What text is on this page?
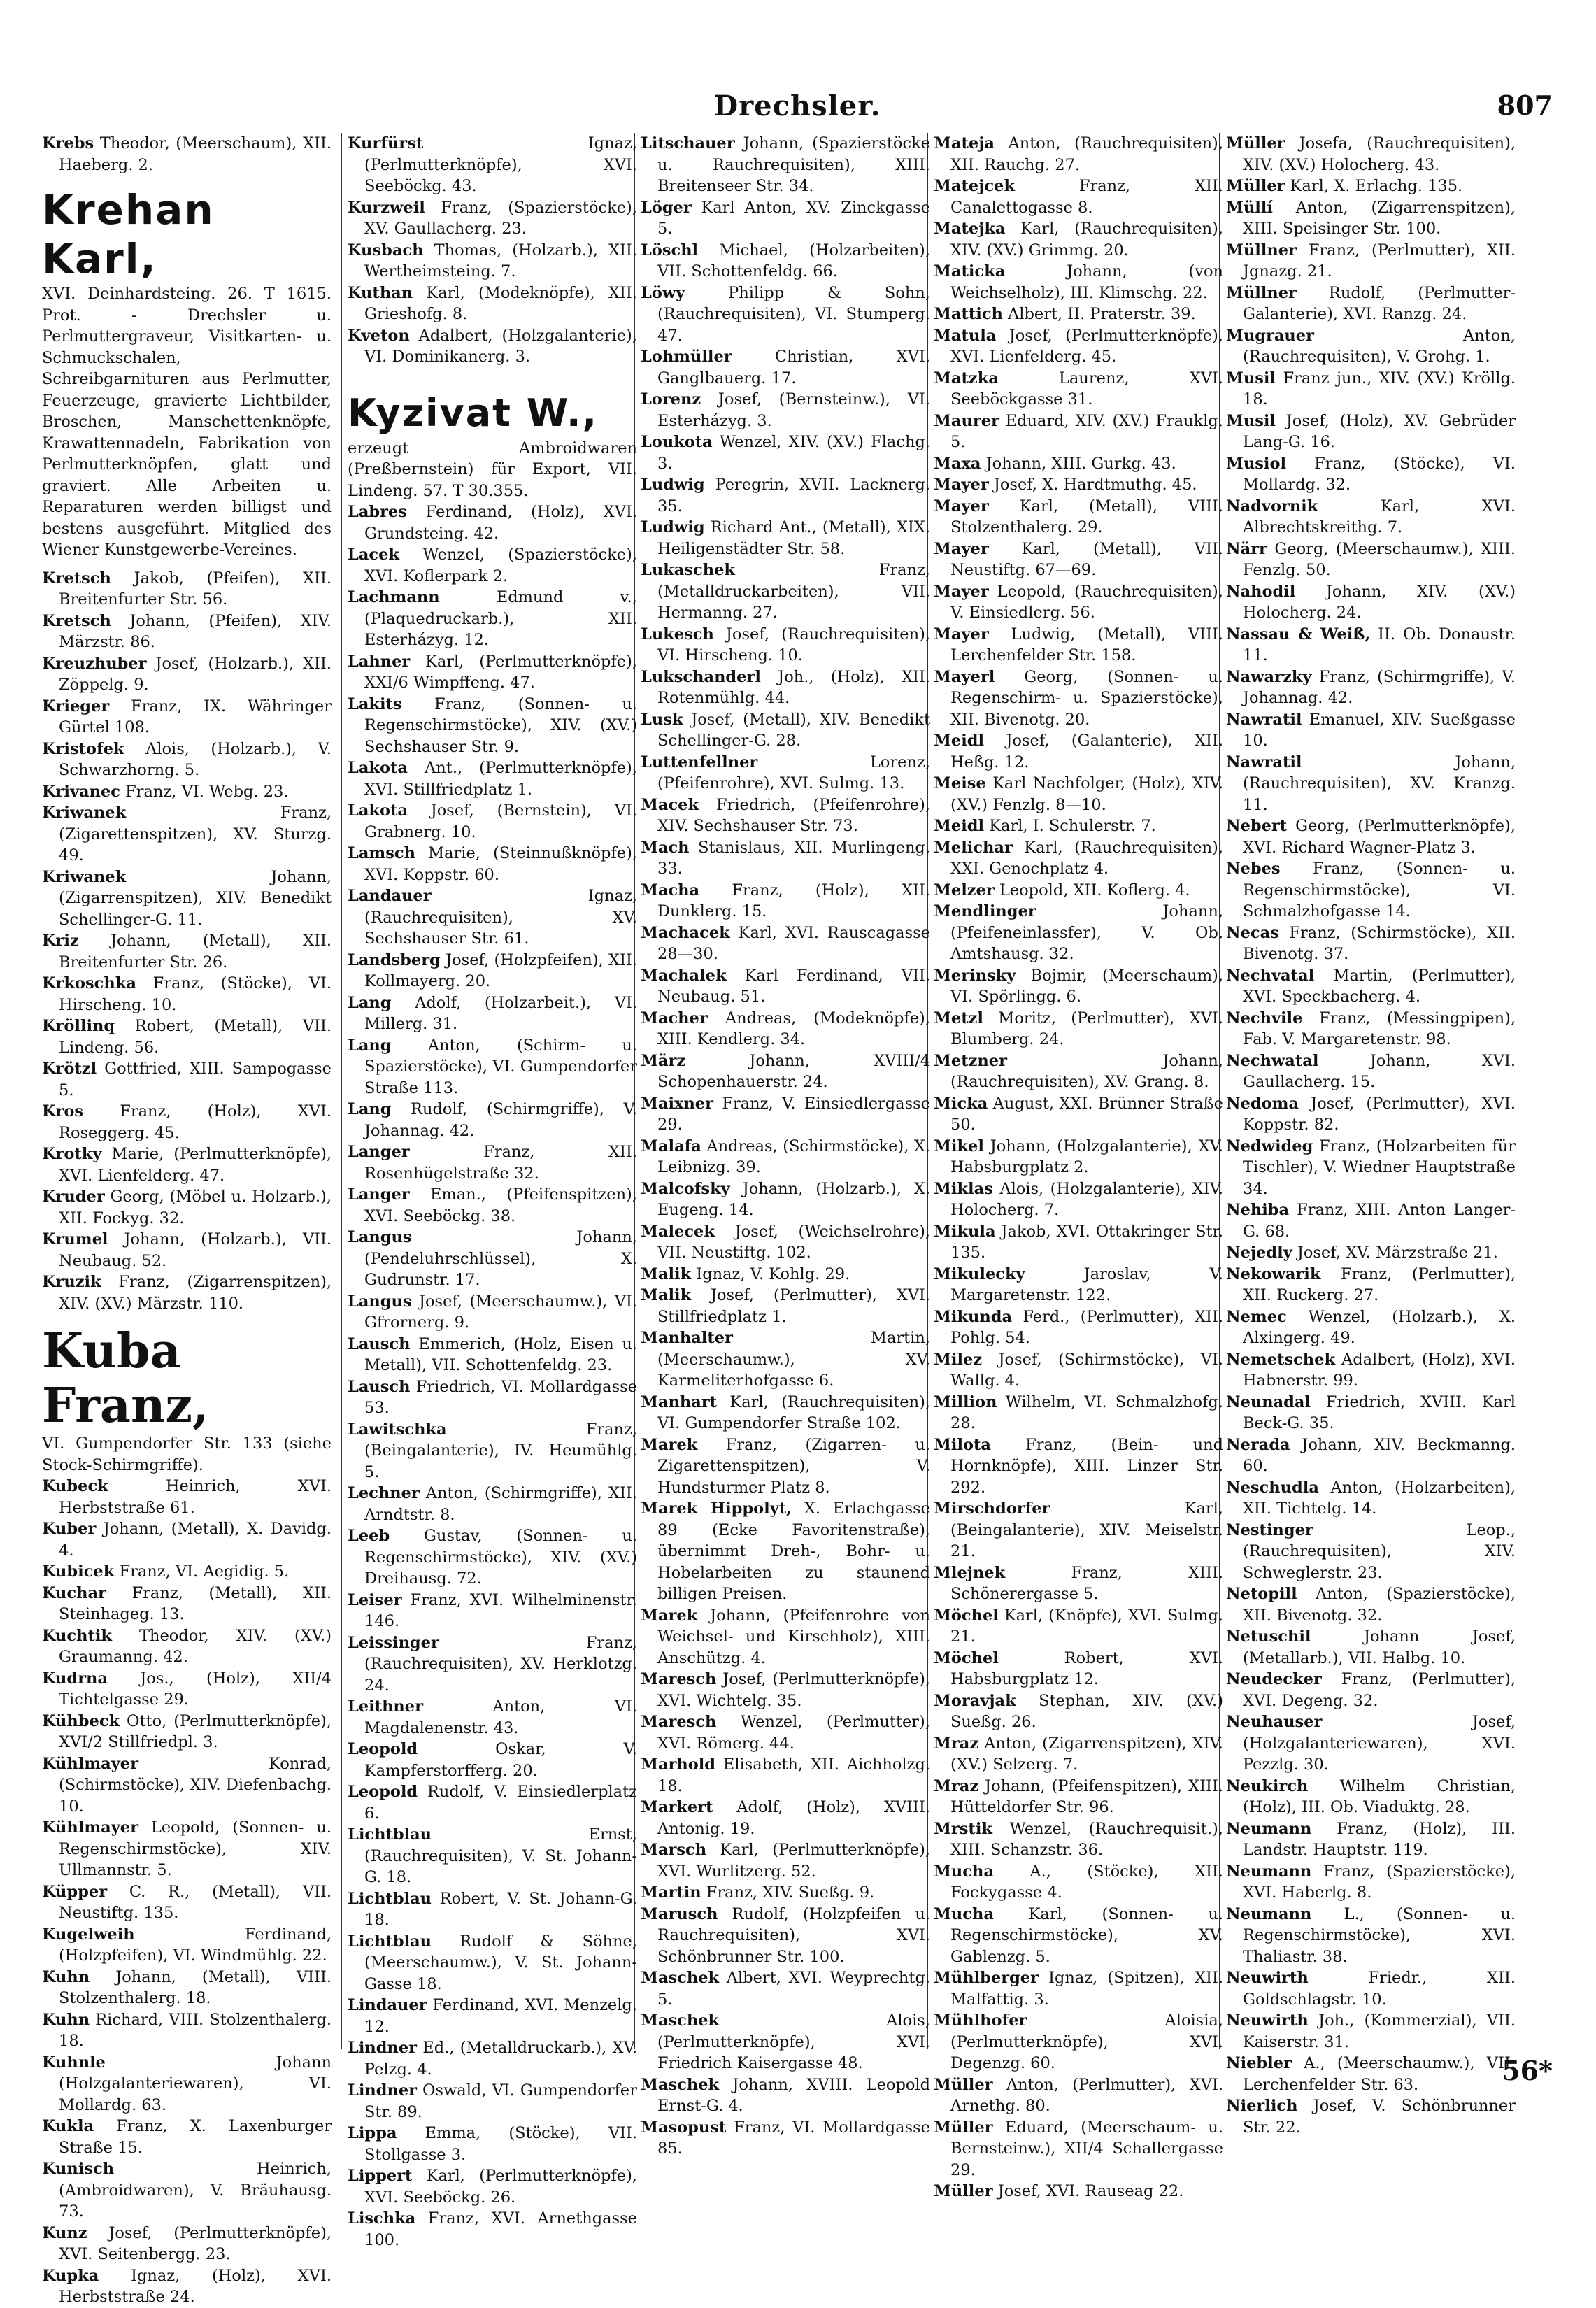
Drechsler.	807
Krebs Theodor, (Meerschaum), XII. Haeberg. 2.
Krehan Karl,
XVI. Deinhardsteing. 26. T 1615. Prot. - Drechsler u. Perlmuttergraveur, Visitkarten- u. Schmuckschalen, Schreibgarnituren aus Perlmutter, Feuerzeuge, gravierte Lichtbilder, Broschen, Manschettenknöpfe, Krawattennadeln, Fabrikation von Perlmutterknöpfen, glatt und graviert. Alle Arbeiten u. Reparaturen werden billigst und bestens ausgeführt. Mitglied des Wiener Kunstgewerbe-Vereines.
Kretsch Jakob, (Pfeifen), XII. Breitenfurter Str. 56.
Kretsch Johann, (Pfeifen), XIV. Märzstr. 86.
Kreuzhuber Josef, (Holzarb.), XII. Zöppelg. 9.
Krieger Franz, IX. Währinger Gürtel 108.
Kristofek Alois, (Holzarb.), V. Schwarzhorng. 5.
Krivanec Franz, VI. Webg. 23.
Kriwanek Franz, (Zigarettenspitzen), XV. Sturzg. 49.
Kriwanek Johann, (Zigarrenspitzen), XIV. Benedikt Schellinger-G. 11.
Kriz Johann, (Metall), XII. Breitenfurter Str. 26.
Krkoschka Franz, (Stöcke), VI. Hirscheng. 10.
Kröllinq Robert, (Metall), VII. Lindeng. 56.
Krötzl Gottfried, XIII. Sampogasse 5.
Kros Franz, (Holz), XVI. Roseggerg. 45.
Krotky Marie, (Perlmutterknöpfe), XVI. Lienfelderg. 47.
Kruder Georg, (Möbel u. Holzarb.), XII. Fockyg. 32.
Krumel Johann, (Holzarb.), VII. Neubaug. 52.
Kruzik Franz, (Zigarrenspitzen), XIV. (XV.) Märzstr. 110.
Kuba Franz,
VI. Gumpendorfer Str. 133 (siehe Stock-Schirmgriffe).
Kubeck Heinrich, XVI. Herbststraße 61.
Kuber Johann, (Metall), X. Davidg. 4.
Kubicek Franz, VI. Aegidig. 5.
Kuchar Franz, (Metall), XII. Steinhageg. 13.
Kuchtik Theodor, XIV. (XV.) Graumanng. 42.
Kudrna Jos., (Holz), XII/4 Tichtelgasse 29.
Kühbeck Otto, (Perlmutterknöpfe), XVI/2 Stillfriedpl. 3.
Kühlmayer Konrad, (Schirmstöcke), XIV. Diefenbachg. 10.
Kühlmayer Leopold, (Sonnen- u. Regenschirmstöcke), XIV. Ullmannstr. 5.
Küpper C. R., (Metall), VII. Neustiftg. 135.
Kugelweih Ferdinand, (Holzpfeifen), VI. Windmühlg. 22.
Kuhn Johann, (Metall), VIII. Stolzenthalerg. 18.
Kuhn Richard, VIII. Stolzenthalerg. 18.
Kuhnle Johann (Holzgalanteriewaren), VI. Mollardg. 63.
Kukla Franz, X. Laxenburger Straße 15.
Kunisch Heinrich, (Ambroidwaren), V. Bräuhausg. 73.
Kunz Josef, (Perlmutterknöpfe), XVI. Seitenbergg. 23.
Kupka Ignaz, (Holz), XVI. Herbststraße 24.
Kurfürst Ignaz, (Perlmutterknöpfe), XVI. Seeböckg. 43.
Kurzweil Franz, (Spazierstöcke), XV. Gaullacherg. 23.
Kusbach Thomas, (Holzarb.), XII. Wertheimsteing. 7.
Kuthan Karl, (Modeknöpfe), XII. Grieshofg. 8.
Kveton Adalbert, (Holzgalanterie), VI. Dominikanerg. 3.
Kyzivat W.,
erzeugt Ambroidwaren (Preßbernstein) für Export, VII. Lindeng. 57. T 30.355.
Labres Ferdinand, (Holz), XVI. Grundsteing. 42.
Lacek Wenzel, (Spazierstöcke), XVI. Koflerpark 2.
Lachmann Edmund v., (Plaquedruckarb.), XII. Esterházyg. 12.
Lahner Karl, (Perlmutterknöpfe), XXI/6 Wimpffeng. 47.
Lakits Franz, (Sonnen- u. Regenschirmstöcke), XIV. (XV.) Sechshauser Str. 9.
Lakota Ant., (Perlmutterknöpfe), XVI. Stillfriedplatz 1.
Lakota Josef, (Bernstein), VI. Grabnerg. 10.
Lamsch Marie, (Steinnußknöpfe), XVI. Koppstr. 60.
Landauer Ignaz, (Rauchrequisiten), XV. Sechshauser Str. 61.
Landsberg Josef, (Holzpfeifen), XII. Kollmayerg. 20.
Lang Adolf, (Holzarbeit.), VI. Millerg. 31.
Lang Anton, (Schirm- u. Spazierstöcke), VI. Gumpendorfer Straße 113.
Lang Rudolf, (Schirmgriffe), V. Johannag. 42.
Langer Franz, XII. Rosenhügelstraße 32.
Langer Eman., (Pfeifenspitzen), XVI. Seeböckg. 38.
Langus Johann, (Pendeluhrschlüssel), X. Gudrunstr. 17.
Langus Josef, (Meerschaumw.), VI. Gfrornerg. 9.
Lausch Emmerich, (Holz, Eisen u. Metall), VII. Schottenfeldg. 23.
Lausch Friedrich, VI. Mollardgasse 53.
Lawitschka Franz, (Beingalanterie), IV. Heumühlg. 5.
Lechner Anton, (Schirmgriffe), XII. Arndtstr. 8.
Leeb Gustav, (Sonnen- u. Regenschirmstöcke), XIV. (XV.) Dreihausg. 72.
Leiser Franz, XVI. Wilhelminenstr. 146.
Leissinger Franz, (Rauchrequisiten), XV. Herklotzg. 24.
Leithner Anton, VI. Magdalenenstr. 43.
Leopold Oskar, V. Kampferstorfferg. 20.
Leopold Rudolf, V. Einsiedlerplatz 6.
Lichtblau Ernst, (Rauchrequisiten), V. St. Johann-G. 18.
Lichtblau Robert, V. St. Johann-G. 18.
Lichtblau Rudolf & Söhne, (Meerschaumw.), V. St. Johann-Gasse 18.
Lindauer Ferdinand, XVI. Menzelg. 12.
Lindner Ed., (Metalldruckarb.), XV. Pelzg. 4.
Lindner Oswald, VI. Gumpendorfer Str. 89.
Lippa Emma, (Stöcke), VII. Stollgasse 3.
Lippert Karl, (Perlmutterknöpfe), XVI. Seeböckg. 26.
Lischka Franz, XVI. Arnethgasse 100.
Litschauer Johann, (Spazierstöcke u. Rauchrequisiten), XIII. Breitenseer Str. 34.
Löger Karl Anton, XV. Zinckgasse 5.
Löschl Michael, (Holzarbeiten), VII. Schottenfeldg. 66.
Löwy Philipp & Sohn, (Rauchrequisiten), VI. Stumperg. 47.
Lohmüller Christian, XVI. Ganglbauerg. 17.
Lorenz Josef, (Bernsteinw.), VI. Esterházyg. 3.
Loukota Wenzel, XIV. (XV.) Flachg. 3.
Ludwig Peregrin, XVII. Lacknerg. 35.
Ludwig Richard Ant., (Metall), XIX. Heiligenstädter Str. 58.
Lukaschek Franz, (Metalldruckarbeiten), VII. Hermanng. 27.
Lukesch Josef, (Rauchrequisiten), VI. Hirscheng. 10.
Lukschanderl Joh., (Holz), XII. Rotenmühlg. 44.
Lusk Josef, (Metall), XIV. Benedikt Schellinger-G. 28.
Luttenfellner Lorenz, (Pfeifenrohre), XVI. Sulmg. 13.
Macek Friedrich, (Pfeifenrohre), XIV. Sechshauser Str. 73.
Mach Stanislaus, XII. Murlingeng. 33.
Macha Franz, (Holz), XII. Dunklerg. 15.
Machacek Karl, XVI. Rauscagasse 28—30.
Machalek Karl Ferdinand, VII. Neubaug. 51.
Macher Andreas, (Modeknöpfe), XIII. Kendlerg. 34.
März Johann, XVIII/4 Schopenhauerstr. 24.
Maixner Franz, V. Einsiedlergasse 29.
Malafa Andreas, (Schirmstöcke), X. Leibnizg. 39.
Malcofsky Johann, (Holzarb.), X. Eugeng. 14.
Malecek Josef, (Weichselrohre), VII. Neustiftg. 102.
Malik Ignaz, V. Kohlg. 29.
Malik Josef, (Perlmutter), XVI. Stillfriedplatz 1.
Manhalter Martin, (Meerschaumw.), XV. Karmeliterhofgasse 6.
Manhart Karl, (Rauchrequisiten), VI. Gumpendorfer Straße 102.
Marek Franz, (Zigarren- u. Zigarettenspitzen), V. Hundsturmer Platz 8.
Marek Hippolyt, X. Erlachgasse 89 (Ecke Favoritenstraße), übernimmt Dreh-, Bohr- u. Hobelarbeiten zu staunend billigen Preisen.
Marek Johann, (Pfeifenrohre von Weichsel- und Kirschholz), XIII. Anschützg. 4.
Maresch Josef, (Perlmutterknöpfe), XVI. Wichtelg. 35.
Maresch Wenzel, (Perlmutter), XVI. Römerg. 44.
Marhold Elisabeth, XII. Aichholzg. 18.
Markert Adolf, (Holz), XVIII. Antonig. 19.
Marsch Karl, (Perlmutterknöpfe), XVI. Wurlitzerg. 52.
Martin Franz, XIV. Sueßg. 9.
Marusch Rudolf, (Holzpfeifen u. Rauchrequisiten), XVI. Schönbrunner Str. 100.
Maschek Albert, XVI. Weyprechtg. 5.
Maschek Alois, (Perlmutterknöpfe), XVI. Friedrich Kaisergasse 48.
Maschek Johann, XVIII. Leopold Ernst-G. 4.
Masopust Franz, VI. Mollardgasse 85.
Mateja Anton, (Rauchrequisiten), XII. Rauchg. 27.
Matejcek Franz, XII. Canalettogasse 8.
Matejka Karl, (Rauchrequisiten), XIV. (XV.) Grimmg. 20.
Maticka Johann, (von Weichselholz), III. Klimschg. 22.
Mattich Albert, II. Praterstr. 39.
Matula Josef, (Perlmutterknöpfe), XVI. Lienfelderg. 45.
Matzka Laurenz, XVI. Seeböckgasse 31.
Maurer Eduard, XIV. (XV.) Frauklg. 5.
Maxa Johann, XIII. Gurkg. 43.
Mayer Josef, X. Hardtmuthg. 45.
Mayer Karl, (Metall), VIII. Stolzenthalerg. 29.
Mayer Karl, (Metall), VII. Neustiftg. 67—69.
Mayer Leopold, (Rauchrequisiten), V. Einsiedlerg. 56.
Mayer Ludwig, (Metall), VIII. Lerchenfelder Str. 158.
Mayerl Georg, (Sonnen- u. Regenschirm- u. Spazierstöcke), XII. Bivenotg. 20.
Meidl Josef, (Galanterie), XII. Heßg. 12.
Meise Karl Nachfolger, (Holz), XIV. (XV.) Fenzlg. 8—10.
Meidl Karl, I. Schulerstr. 7.
Melichar Karl, (Rauchrequisiten), XXI. Genochplatz 4.
Melzer Leopold, XII. Koflerg. 4.
Mendlinger Johann, (Pfeifeneinlassfer), V. Ob. Amtshausg. 32.
Merinsky Bojmir, (Meerschaum), VI. Spörlingg. 6.
Metzl Moritz, (Perlmutter), XVI. Blumberg. 24.
Metzner Johann, (Rauchrequisiten), XV. Grang. 8.
Micka August, XXI. Brünner Straße 50.
Mikel Johann, (Holzgalanterie), XV. Habsburgplatz 2.
Miklas Alois, (Holzgalanterie), XIV. Holocherg. 7.
Mikula Jakob, XVI. Ottakringer Str. 135.
Mikulecky Jaroslav, V. Margaretenstr. 122.
Mikunda Ferd., (Perlmutter), XII. Pohlg. 54.
Milez Josef, (Schirmstöcke), VI. Wallg. 4.
Million Wilhelm, VI. Schmalzhofg. 28.
Milota Franz, (Bein- und Hornknöpfe), XIII. Linzer Str. 292.
Mirschdorfer Karl, (Beingalanterie), XIV. Meiselstr. 21.
Mlejnek Franz, XIII. Schönerergasse 5.
Möchel Karl, (Knöpfe), XVI. Sulmg. 21.
Möchel Robert, XVI. Habsburgplatz 12.
Moravjak Stephan, XIV. (XV.) Sueßg. 26.
Mraz Anton, (Zigarrenspitzen), XIV. (XV.) Selzerg. 7.
Mraz Johann, (Pfeifenspitzen), XIII. Hütteldorfer Str. 96.
Mrstik Wenzel, (Rauchrequisit.), XIII. Schanzstr. 36.
Mucha A., (Stöcke), XII. Fockygasse 4.
Mucha Karl, (Sonnen- u. Regenschirmstöcke), XV. Gablenzg. 5.
Mühlberger Ignaz, (Spitzen), XII. Malfattig. 3.
Mühlhofer Aloisia, (Perlmutterknöpfe), XVI. Degenzg. 60.
Müller Anton, (Perlmutter), XVI. Arnethg. 80.
Müller Eduard, (Meerschaum- u. Bernsteinw.), XII/4 Schallergasse 29.
Müller Josef, XVI. Rauseag 22.
Müller Josefa, (Rauchrequisiten), XIV. (XV.) Holocherg. 43.
Müller Karl, X. Erlachg. 135.
Müllí Anton, (Zigarrenspitzen), XIII. Speisinger Str. 100.
Müllner Franz, (Perlmutter), XII. Jgnazg. 21.
Müllner Rudolf, (Perlmutter-Galanterie), XVI. Ranzg. 24.
Mugrauer Anton, (Rauchrequisiten), V. Grohg. 1.
Musil Franz jun., XIV. (XV.) Kröllg. 18.
Musil Josef, (Holz), XV. Gebrüder Lang-G. 16.
Musiol Franz, (Stöcke), VI. Mollardg. 32.
Nadvornik Karl, XVI. Albrechtskreithg. 7.
Närr Georg, (Meerschaumw.), XIII. Fenzlg. 50.
Nahodil Johann, XIV. (XV.) Holocherg. 24.
Nassau & Weiß, II. Ob. Donaustr. 11.
Nawarzky Franz, (Schirmgriffe), V. Johannag. 42.
Nawratil Emanuel, XIV. Sueßgasse 10.
Nawratil Johann, (Rauchrequisiten), XV. Kranzg. 11.
Nebert Georg, (Perlmutterknöpfe), XVI. Richard Wagner-Platz 3.
Nebes Franz, (Sonnen- u. Regenschirmstöcke), VI. Schmalzhofgasse 14.
Necas Franz, (Schirmstöcke), XII. Bivenotg. 37.
Nechvatal Martin, (Perlmutter), XVI. Speckbacherg. 4.
Nechvile Franz, (Messingpipen), Fab. V. Margaretenstr. 98.
Nechwatal Johann, XVI. Gaullacherg. 15.
Nedoma Josef, (Perlmutter), XVI. Koppstr. 82.
Nedwideg Franz, (Holzarbeiten für Tischler), V. Wiedner Hauptstraße 34.
Nehiba Franz, XIII. Anton Langer-G. 68.
Nejedly Josef, XV. Märzstraße 21.
Nekowarik Franz, (Perlmutter), XII. Ruckerg. 27.
Nemec Wenzel, (Holzarb.), X. Alxingerg. 49.
Nemetschek Adalbert, (Holz), XVI. Habnerstr. 99.
Neunadal Friedrich, XVIII. Karl Beck-G. 35.
Nerada Johann, XIV. Beckmanng. 60.
Neschudla Anton, (Holzarbeiten), XII. Tichtelg. 14.
Nestinger Leop., (Rauchrequisiten), XIV. Schweglerstr. 23.
Netopill Anton, (Spazierstöcke), XII. Bivenotg. 32.
Netuschil Johann Josef, (Metallarb.), VII. Halbg. 10.
Neudecker Franz, (Perlmutter), XVI. Degeng. 32.
Neuhauser Josef, (Holzgalanteriewaren), XVI. Pezzlg. 30.
Neukirch Wilhelm Christian, (Holz), III. Ob. Viaduktg. 28.
Neumann Franz, (Holz), III. Landstr. Hauptstr. 119.
Neumann Franz, (Spazierstöcke), XVI. Haberlg. 8.
Neumann L., (Sonnen- u. Regenschirmstöcke), XVI. Thaliastr. 38.
Neuwirth Friedr., XII. Goldschlagstr. 10.
Neuwirth Joh., (Kommerzial), VII. Kaiserstr. 31.
Niebler A., (Meerschaumw.), VII. Lerchenfelder Str. 63.
Nierlich Josef, V. Schönbrunner Str. 22.
56*
